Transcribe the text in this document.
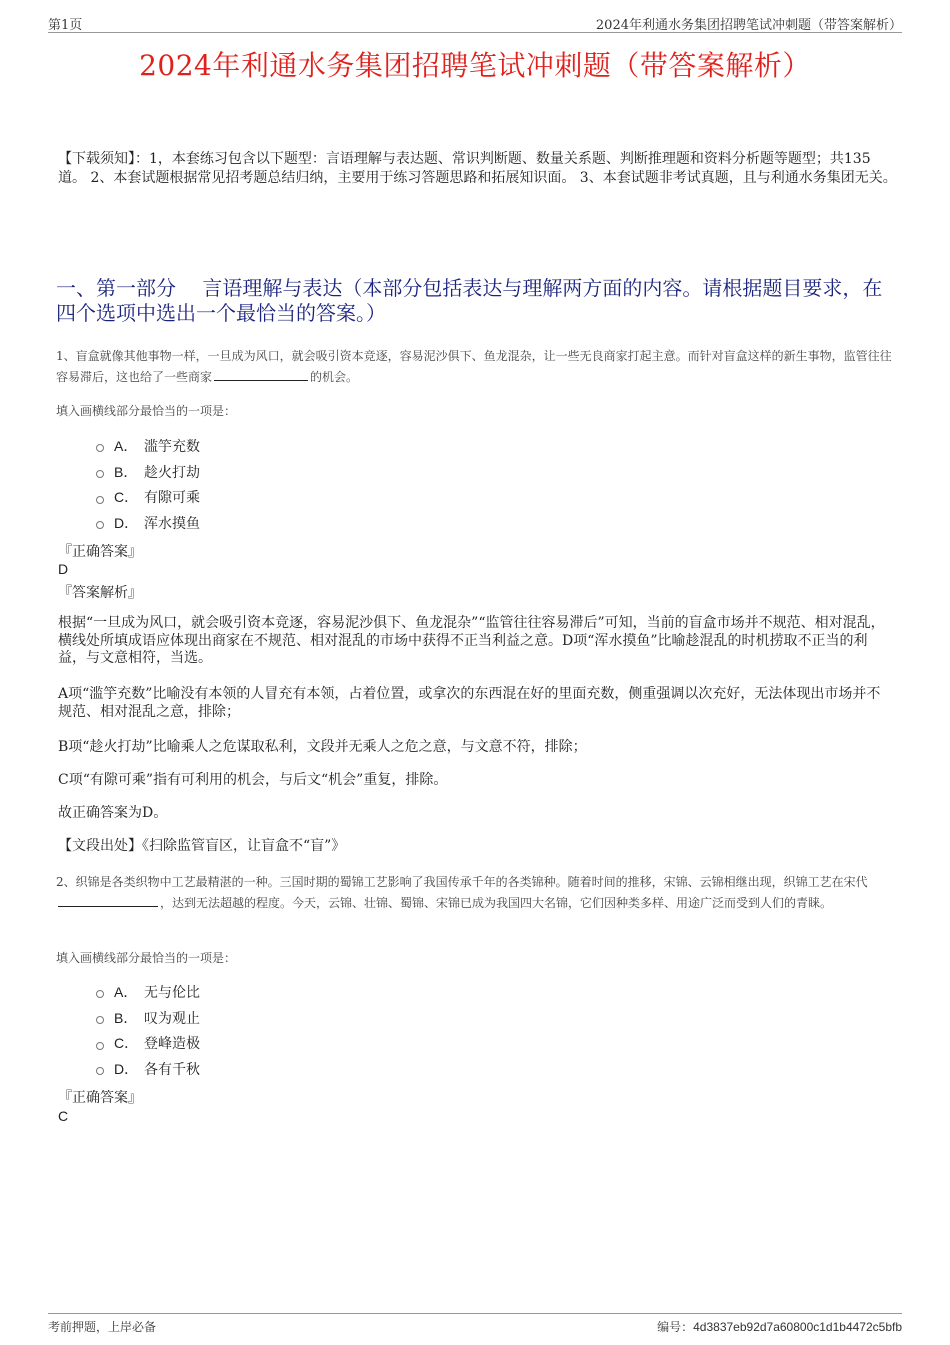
第1页	2024年利通水务集团招聘笔试冲刺题（带答案解析）
2024年利通水务集团招聘笔试冲刺题（带答案解析）
【下载须知】：1，本套练习包含以下题型：言语理解与表达题、常识判断题、数量关系题、判断推理题和资料分析题等题型；共135道。 2、本套试题根据常见招考题总结归纳，主要用于练习答题思路和拓展知识面。 3、本套试题非考试真题，且与利通水务集团无关。
一、第一部分　 言语理解与表达（本部分包括表达与理解两方面的内容。请根据题目要求，在四个选项中选出一个最恰当的答案。）
1、盲盒就像其他事物一样，一旦成为风口，就会吸引资本竞逐，容易泥沙俱下、鱼龙混杂，让一些无良商家打起主意。而针对盲盒这样的新生事物，监管往往容易滞后，这也给了一些商家	的机会。
填入画横线部分最恰当的一项是：
A． 滥竽充数
B． 趁火打劫
C． 有隙可乘
D． 浑水摸鱼
『正确答案』
D
『答案解析』
根据“一旦成为风口，就会吸引资本竞逐，容易泥沙俱下、鱼龙混杂”“监管往往容易滞后”可知，当前的盲盒市场并不规范、相对混乱，横线处所填成语应体现出商家在不规范、相对混乱的市场中获得不正当利益之意。D项“浑水摸鱼”比喻趁混乱的时机捞取不正当的利益，与文意相符，当选。
A项“滥竽充数”比喻没有本领的人冒充有本领，占着位置，或拿次的东西混在好的里面充数，侧重强调以次充好，无法体现出市场并不规范、相对混乱之意，排除；
B项“趁火打劫”比喻乘人之危谋取私利，文段并无乘人之危之意，与文意不符，排除；
C项“有隙可乘”指有可利用的机会，与后文“机会”重复，排除。
故正确答案为D。
【文段出处】《扫除监管盲区，让盲盒不“盲”》
2、织锦是各类织物中工艺最精湛的一种。三国时期的蜀锦工艺影响了我国传承千年的各类锦种。随着时间的推移，宋锦、云锦相继出现，织锦工艺在宋代，达到无法超越的程度。今天，云锦、壮锦、蜀锦、宋锦已成为我国四大名锦，它们因种类多样、用途广泛而受到人们的青睐。
填入画横线部分最恰当的一项是：
A． 无与伦比
B． 叹为观止
C． 登峰造极
D． 各有千秋
『正确答案』
C
考前押题，上岸必备	编号：4d3837eb92d7a60800c1d1b4472c5bfb
